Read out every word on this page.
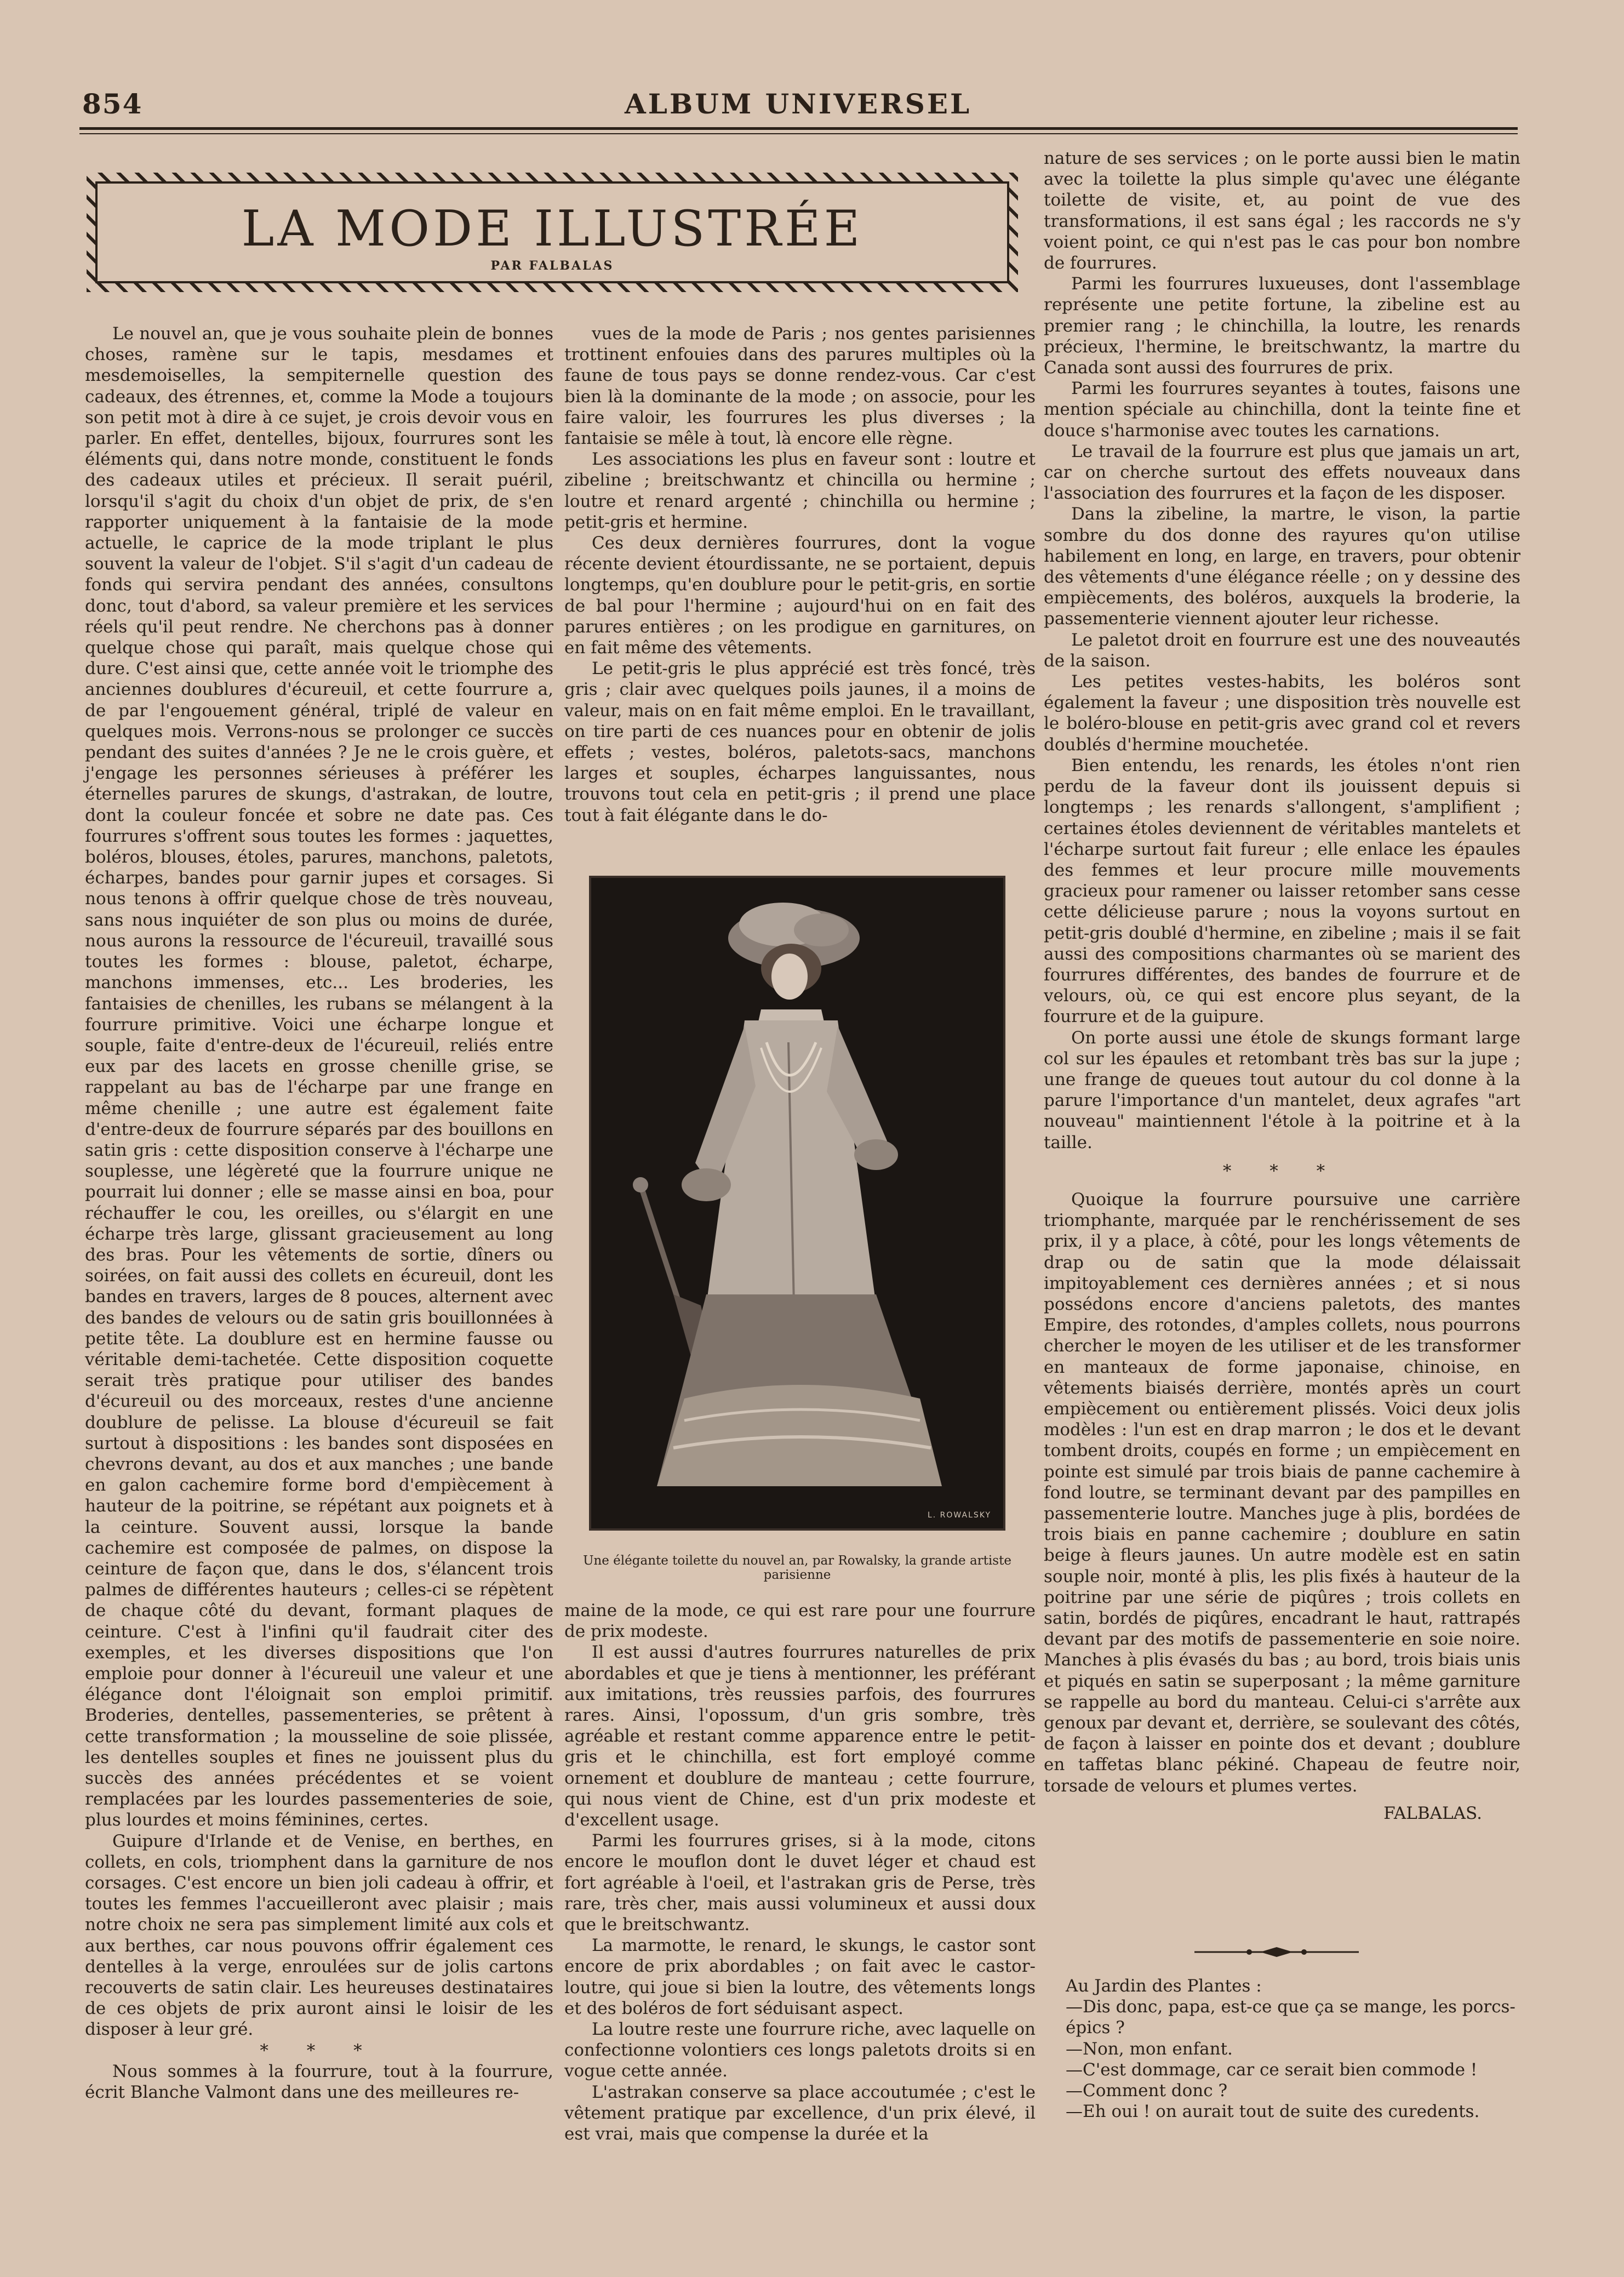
854	ALBUM UNIVERSEL
LA MODE ILLUSTRÉE
PAR FALBALAS

Le nouvel an, que je vous souhaite plein de bonnes choses, ramène sur le tapis, mesdames et mesdemoiselles, la sempiternelle question des cadeaux, des étrennes, et, comme la Mode a toujours son petit mot à dire à ce sujet, je crois devoir vous en parler. En effet, dentelles, bijoux, fourrures sont les éléments qui, dans notre monde, constituent le fonds des cadeaux utiles et précieux. Il serait puéril, lorsqu'il s'agit du choix d'un objet de prix, de s'en rapporter uniquement à la fantaisie de la mode actuelle, le caprice de la mode triplant le plus souvent la valeur de l'objet. S'il s'agit d'un cadeau de fonds qui servira pendant des années, consultons donc, tout d'abord, sa valeur première et les services réels qu'il peut rendre. Ne cherchons pas à donner quelque chose qui paraît, mais quelque chose qui dure. C'est ainsi que, cette année voit le triomphe des anciennes doublures d'écureuil, et cette fourrure a, de par l'engouement général, triplé de valeur en quelques mois. Verrons-nous se prolonger ce succès pendant des suites d'années ? Je ne le crois guère, et j'engage les personnes sérieuses à préférer les éternelles parures de skungs, d'astrakan, de loutre, dont la couleur foncée et sobre ne date pas. Ces fourrures s'offrent sous toutes les formes : jaquettes, boléros, blouses, étoles, parures, manchons, paletots, écharpes, bandes pour garnir jupes et corsages. Si nous tenons à offrir quelque chose de très nouveau, sans nous inquiéter de son plus ou moins de durée, nous aurons la ressource de l'écureuil, travaillé sous toutes les formes : blouse, paletot, écharpe, manchons immenses, etc... Les broderies, les fantaisies de chenilles, les rubans se mélangent à la fourrure primitive. Voici une écharpe longue et souple, faite d'entre-deux de l'écureuil, reliés entre eux par des lacets en grosse chenille grise, se rappelant au bas de l'écharpe par une frange en même chenille ; une autre est également faite d'entre-deux de fourrure séparés par des bouillons en satin gris : cette disposition conserve à l'écharpe une souplesse, une légèreté que la fourrure unique ne pourrait lui donner ; elle se masse ainsi en boa, pour réchauffer le cou, les oreilles, ou s'élargit en une écharpe très large, glissant gracieusement au long des bras. Pour les vêtements de sortie, dîners ou soirées, on fait aussi des collets en écureuil, dont les bandes en travers, larges de 8 pouces, alternent avec des bandes de velours ou de satin gris bouillonnées à petite tête. La doublure est en hermine fausse ou véritable demi-tachetée. Cette disposition coquette serait très pratique pour utiliser des bandes d'écureuil ou des morceaux, restes d'une ancienne doublure de pelisse. La blouse d'écureuil se fait surtout à dispositions : les bandes sont disposées en chevrons devant, au dos et aux manches ; une bande en galon cachemire forme bord d'empiècement à hauteur de la poitrine, se répétant aux poignets et à la ceinture. Souvent aussi, lorsque la bande cachemire est composée de palmes, on dispose la ceinture de façon que, dans le dos, s'élancent trois palmes de différentes hauteurs ; celles-ci se répètent de chaque côté du devant, formant plaques de ceinture. C'est à l'infini qu'il faudrait citer des exemples, et les diverses dispositions que l'on emploie pour donner à l'écureuil une valeur et une élégance dont l'éloignait son emploi primitif. Broderies, dentelles, passementeries, se prêtent à cette transformation ; la mousseline de soie plissée, les dentelles souples et fines ne jouissent plus du succès des années précédentes et se voient remplacées par les lourdes passementeries de soie, plus lourdes et moins féminines, certes.

Guipure d'Irlande et de Venise, en berthes, en collets, en cols, triomphent dans la garniture de nos corsages. C'est encore un bien joli cadeau à offrir, et toutes les femmes l'accueilleront avec plaisir ; mais notre choix ne sera pas simplement limité aux cols et aux berthes, car nous pouvons offrir également ces dentelles à la verge, enroulées sur de jolis cartons recouverts de satin clair. Les heureuses destinataires de ces objets de prix auront ainsi le loisir de les disposer à leur gré.

* * *

Nous sommes à la fourrure, tout à la fourrure, écrit Blanche Valmont dans une des meilleures re-

vues de la mode de Paris ; nos gentes parisiennes trottinent enfouies dans des parures multiples où la faune de tous pays se donne rendez-vous. Car c'est bien là la dominante de la mode ; on associe, pour les faire valoir, les fourrures les plus diverses ; la fantaisie se mêle à tout, là encore elle règne.

Les associations les plus en faveur sont : loutre et zibeline ; breitschwantz et chincilla ou hermine ; loutre et renard argenté ; chinchilla ou hermine ; petit-gris et hermine.

Ces deux dernières fourrures, dont la vogue récente devient étourdissante, ne se portaient, depuis longtemps, qu'en doublure pour le petit-gris, en sortie de bal pour l'hermine ; aujourd'hui on en fait des parures entières ; on les prodigue en garnitures, on en fait même des vêtements.

Le petit-gris le plus apprécié est très foncé, très gris ; clair avec quelques poils jaunes, il a moins de valeur, mais on en fait même emploi. En le travaillant, on tire parti de ces nuances pour en obtenir de jolis effets ; vestes, boléros, paletots-sacs, manchons larges et souples, écharpes languissantes, nous trouvons tout cela en petit-gris ; il prend une place tout à fait élégante dans le do-

L. ROWALSKY
Une élégante toilette du nouvel an, par Rowalsky, la grande artiste parisienne

maine de la mode, ce qui est rare pour une fourrure de prix modeste.

Il est aussi d'autres fourrures naturelles de prix abordables et que je tiens à mentionner, les préférant aux imitations, très reussies parfois, des fourrures rares. Ainsi, l'opossum, d'un gris sombre, très agréable et restant comme apparence entre le petit-gris et le chinchilla, est fort employé comme ornement et doublure de manteau ; cette fourrure, qui nous vient de Chine, est d'un prix modeste et d'excellent usage.

Parmi les fourrures grises, si à la mode, citons encore le mouflon dont le duvet léger et chaud est fort agréable à l'oeil, et l'astrakan gris de Perse, très rare, très cher, mais aussi volumineux et aussi doux que le breitschwantz.

La marmotte, le renard, le skungs, le castor sont encore de prix abordables ; on fait avec le castor-loutre, qui joue si bien la loutre, des vêtements longs et des boléros de fort séduisant aspect.

La loutre reste une fourrure riche, avec laquelle on confectionne volontiers ces longs paletots droits si en vogue cette année.

L'astrakan conserve sa place accoutumée ; c'est le vêtement pratique par excellence, d'un prix élevé, il est vrai, mais que compense la durée et la

nature de ses services ; on le porte aussi bien le matin avec la toilette la plus simple qu'avec une élégante toilette de visite, et, au point de vue des transformations, il est sans égal ; les raccords ne s'y voient point, ce qui n'est pas le cas pour bon nombre de fourrures.

Parmi les fourrures luxueuses, dont l'assemblage représente une petite fortune, la zibeline est au premier rang ; le chinchilla, la loutre, les renards précieux, l'hermine, le breitschwantz, la martre du Canada sont aussi des fourrures de prix.

Parmi les fourrures seyantes à toutes, faisons une mention spéciale au chinchilla, dont la teinte fine et douce s'harmonise avec toutes les carnations.

Le travail de la fourrure est plus que jamais un art, car on cherche surtout des effets nouveaux dans l'association des fourrures et la façon de les disposer.

Dans la zibeline, la martre, le vison, la partie sombre du dos donne des rayures qu'on utilise habilement en long, en large, en travers, pour obtenir des vêtements d'une élégance réelle ; on y dessine des empiècements, des boléros, auxquels la broderie, la passementerie viennent ajouter leur richesse.

Le paletot droit en fourrure est une des nouveautés de la saison.

Les petites vestes-habits, les boléros sont également la faveur ; une disposition très nouvelle est le boléro-blouse en petit-gris avec grand col et revers doublés d'hermine mouchetée.

Bien entendu, les renards, les étoles n'ont rien perdu de la faveur dont ils jouissent depuis si longtemps ; les renards s'allongent, s'amplifient ; certaines étoles deviennent de véritables mantelets et l'écharpe surtout fait fureur ; elle enlace les épaules des femmes et leur procure mille mouvements gracieux pour ramener ou laisser retomber sans cesse cette délicieuse parure ; nous la voyons surtout en petit-gris doublé d'hermine, en zibeline ; mais il se fait aussi des compositions charmantes où se marient des fourrures différentes, des bandes de fourrure et de velours, où, ce qui est encore plus seyant, de la fourrure et de la guipure.

On porte aussi une étole de skungs formant large col sur les épaules et retombant très bas sur la jupe ; une frange de queues tout autour du col donne à la parure l'importance d'un mantelet, deux agrafes "art nouveau" maintiennent l'étole à la poitrine et à la taille.

* * *

Quoique la fourrure poursuive une carrière triomphante, marquée par le renchérissement de ses prix, il y a place, à côté, pour les longs vêtements de drap ou de satin que la mode délaissait impitoyablement ces dernières années ; et si nous possédons encore d'anciens paletots, des mantes Empire, des rotondes, d'amples collets, nous pourrons chercher le moyen de les utiliser et de les transformer en manteaux de forme japonaise, chinoise, en vêtements biaisés derrière, montés après un court empiècement ou entièrement plissés. Voici deux jolis modèles : l'un est en drap marron ; le dos et le devant tombent droits, coupés en forme ; un empiècement en pointe est simulé par trois biais de panne cachemire à fond loutre, se terminant devant par des pampilles en passementerie loutre. Manches juge à plis, bordées de trois biais en panne cachemire ; doublure en satin beige à fleurs jaunes. Un autre modèle est en satin souple noir, monté à plis, les plis fixés à hauteur de la poitrine par une série de piqûres ; trois collets en satin, bordés de piqûres, encadrant le haut, rattrapés devant par des motifs de passementerie en soie noire. Manches à plis évasés du bas ; au bord, trois biais unis et piqués en satin se superposant ; la même garniture se rappelle au bord du manteau. Celui-ci s'arrête aux genoux par devant et, derrière, se soulevant des côtés, de façon à laisser en pointe dos et devant ; doublure en taffetas blanc pékiné. Chapeau de feutre noir, torsade de velours et plumes vertes.

FALBALAS.

Au Jardin des Plantes :

—Dis donc, papa, est-ce que ça se mange, les porcs-épics ?

—Non, mon enfant.

—C'est dommage, car ce serait bien commode !

—Comment donc ?

—Eh oui ! on aurait tout de suite des curedents.
